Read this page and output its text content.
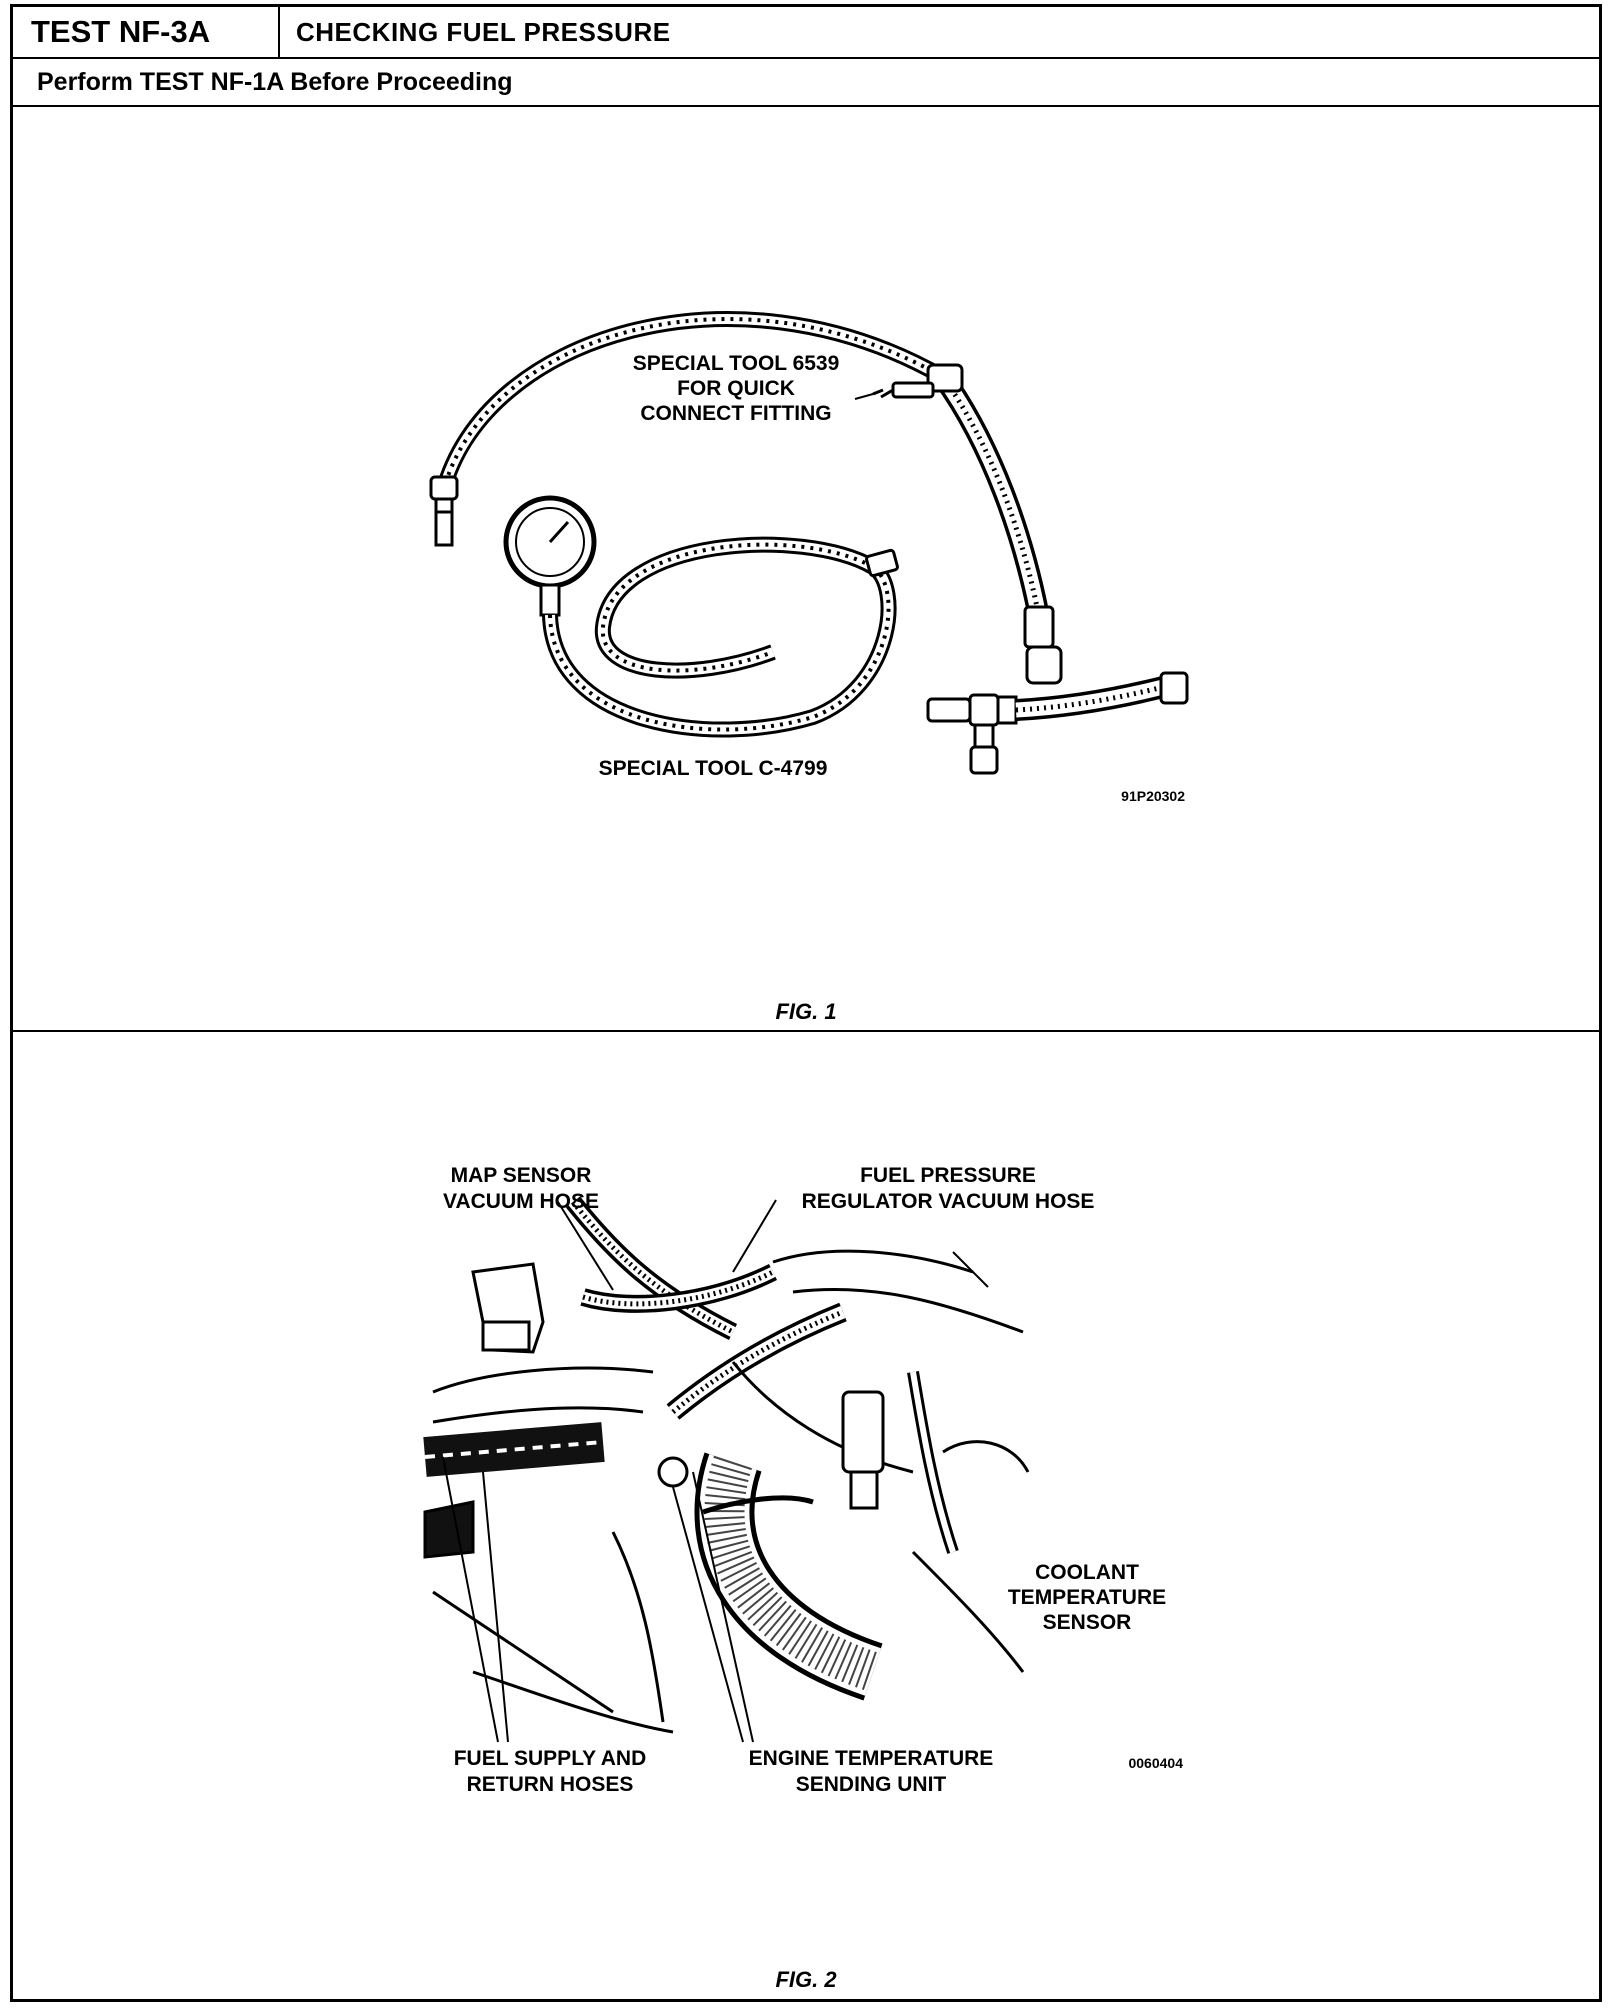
TEST NF-3A	CHECKING FUEL PRESSURE
Perform TEST NF-1A Before Proceeding
SPECIAL TOOL 6539
FOR QUICK
CONNECT FITTING
SPECIAL TOOL C-4799
91P20302
FIG. 1
MAP SENSOR
VACUUM HOSE
FUEL PRESSURE
REGULATOR VACUUM HOSE
COOLANT
TEMPERATURE
SENSOR
FUEL SUPPLY AND
RETURN HOSES
ENGINE TEMPERATURE
SENDING UNIT
0060404
FIG. 2
